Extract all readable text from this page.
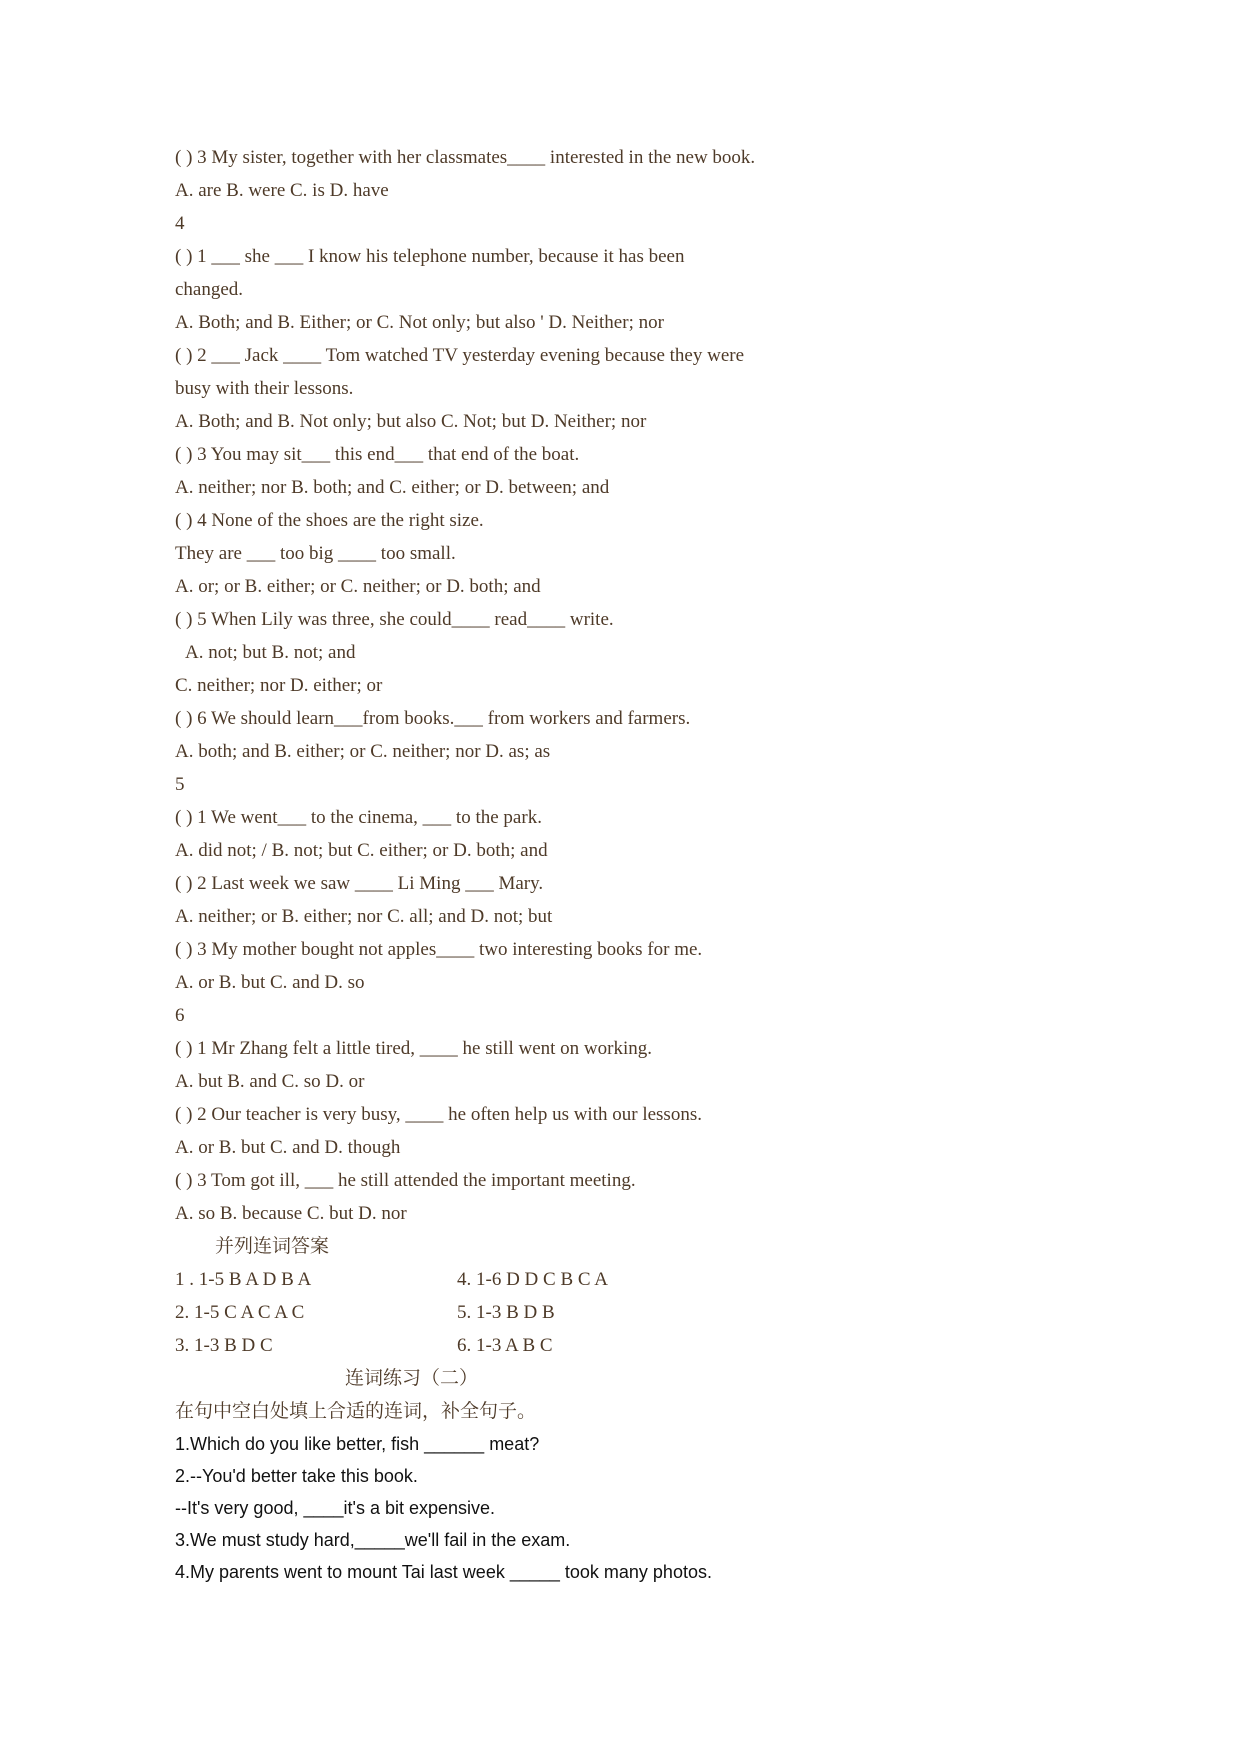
( ) 3 My sister, together with her classmates____ interested in the new book.
A. are B. were C. is D. have
4
( ) 1 ___ she ___ I know his telephone number, because it has been
changed.
A. Both; and B. Either; or C. Not only; but also ' D. Neither; nor
( ) 2 ___ Jack ____ Tom watched TV yesterday evening because they were
busy with their lessons.
A. Both; and B. Not only; but also C. Not; but D. Neither; nor
( ) 3 You may sit___ this end___ that end of the boat.
A. neither; nor B. both; and C. either; or D. between; and
( ) 4 None of the shoes are the right size.
They are ___ too big ____ too small.
A. or; or B. either; or C. neither; or D. both; and
( ) 5 When Lily was three, she could____ read____ write.
A. not; but B. not; and
C. neither; nor D. either; or
( ) 6 We should learn___from books.___ from workers and farmers.
A. both; and B. either; or C. neither; nor D. as; as
5
( ) 1 We went___ to the cinema, ___ to the park.
A. did not; / B. not; but C. either; or D. both; and
( ) 2 Last week we saw ____ Li Ming ___ Mary.
A. neither; or B. either; nor C. all; and D. not; but
( ) 3 My mother bought not apples____ two interesting books for me.
A. or B. but C. and D. so
6
( ) 1 Mr Zhang felt a little tired, ____ he still went on working.
A. but B. and C. so D. or
( ) 2 Our teacher is very busy, ____ he often help us with our lessons.
A. or B. but C. and D. though
( ) 3 Tom got ill, ___ he still attended the important meeting.
A. so B. because C. but D. nor
并列连词答案
1 . 1-5 B A D B A	4. 1-6 D D C B C A
2. 1-5 C A C A C	5. 1-3 B D B
3. 1-3 B D C	6. 1-3 A B C
连词练习（二）
在句中空白处填上合适的连词，补全句子。
1.Which do you like better, fish ______ meat?
2.--You'd better take this book.
--It's very good, ____it's a bit expensive.
3.We must study hard,_____we'll fail in the exam.
4.My parents went to mount Tai last week _____ took many photos.
